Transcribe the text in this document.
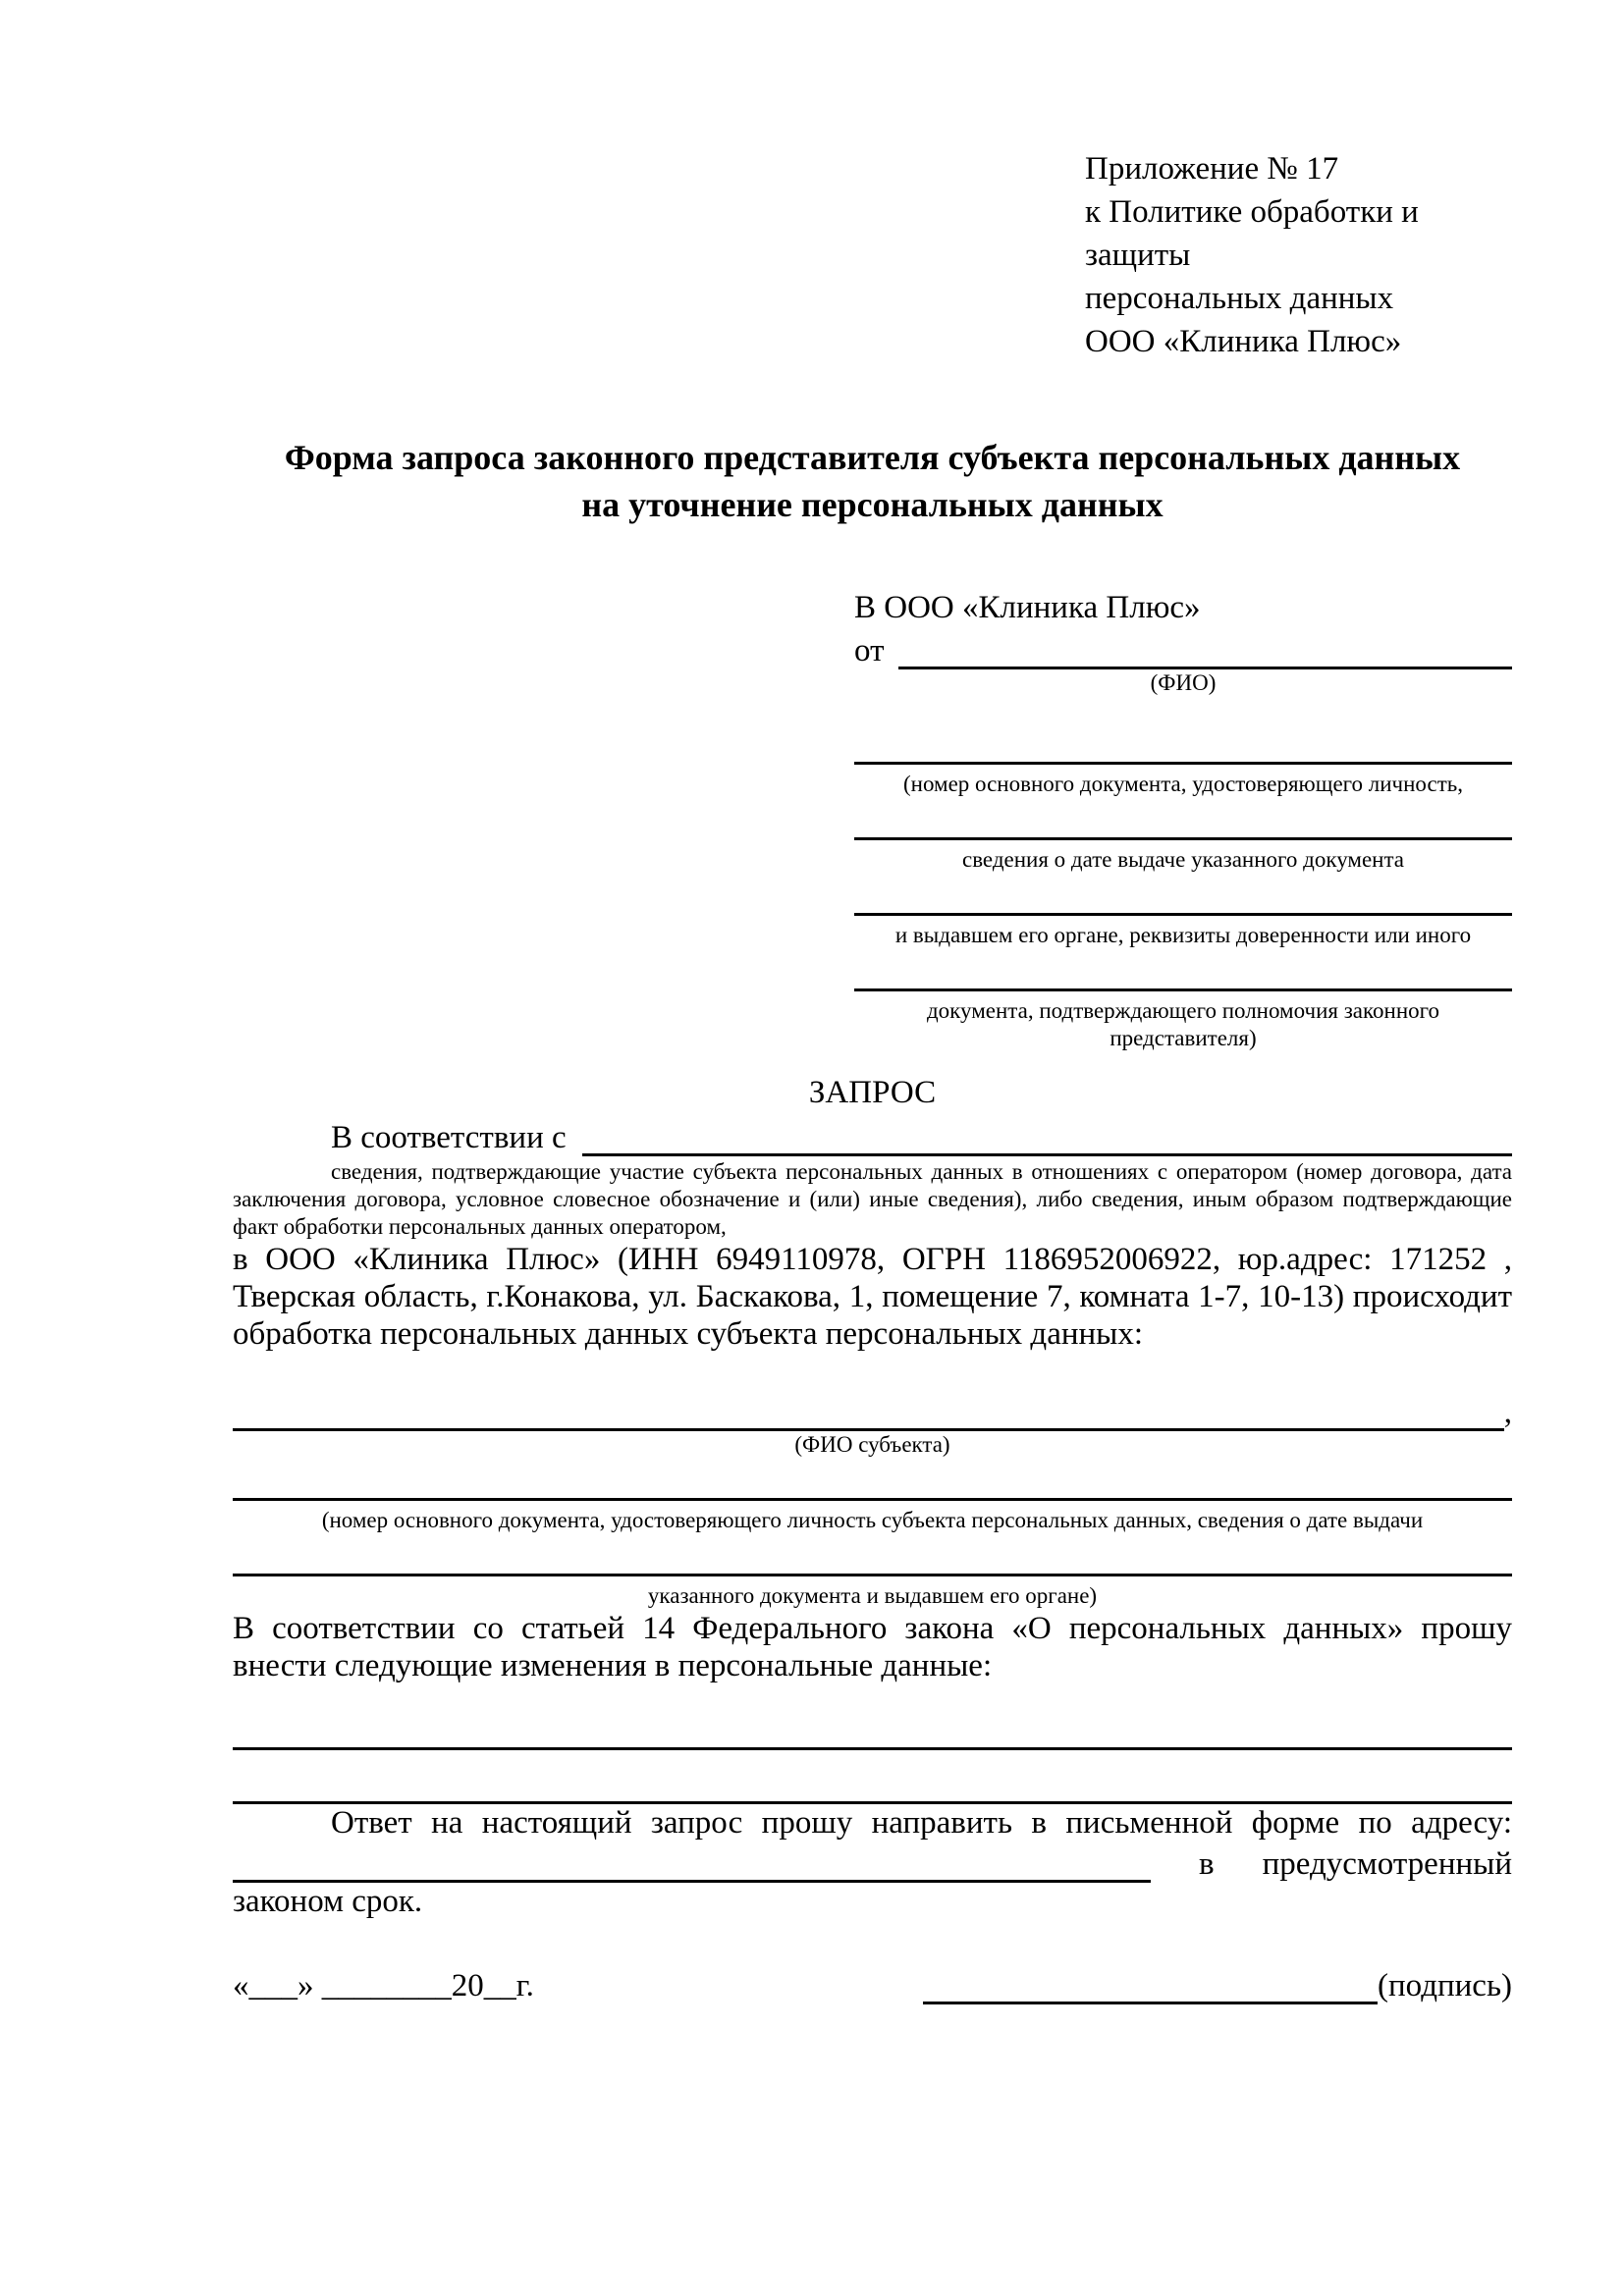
Приложение № 17
к Политике обработки и защиты
персональных данных
ООО «Клиника Плюс»
Форма запроса законного представителя субъекта персональных данных
на уточнение персональных данных
В ООО «Клиника Плюс»
от
(ФИО)
(номер основного документа, удостоверяющего личность,
сведения о дате выдаче указанного документа
и выдавшем его органе, реквизиты доверенности или иного
документа, подтверждающего полномочия законного представителя)
ЗАПРОС
В соответствии с
сведения, подтверждающие участие субъекта персональных данных в отношениях с оператором (номер договора, дата заключения договора, условное словесное обозначение и (или) иные сведения), либо сведения, иным образом подтверждающие факт обработки персональных данных оператором,

в ООО «Клиника Плюс» (ИНН 6949110978, ОГРН 1186952006922, юр.адрес: 171252 , Тверская область, г.Конакова, ул. Баскакова, 1, помещение 7, комната 1-7, 10-13) происходит обработка персональных данных субъекта персональных данных:

,
(ФИО субъекта)
(номер основного документа, удостоверяющего личность субъекта персональных данных, сведения о дате выдачи
указанного документа и выдавшем его органе)

В соответствии со статьей 14 Федерального закона «О персональных данных» прошу внести следующие изменения в персональные данные:

Ответ на настоящий запрос прошу направить в письменной форме по адресу:

в предусмотренный
законом срок.
«___» ________20__г.	(подпись)
